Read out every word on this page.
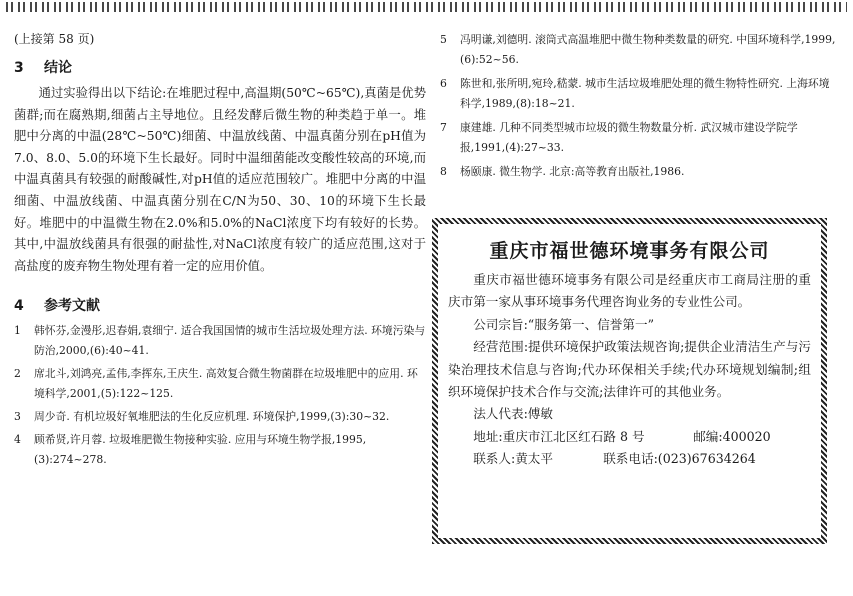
(上接第 58 页)
3 结论

通过实验得出以下结论:在堆肥过程中,高温期(50℃~65℃),真菌是优势菌群;而在腐熟期,细菌占主导地位。且经发酵后微生物的种类趋于单一。堆肥中分离的中温(28℃~50℃)细菌、中温放线菌、中温真菌分别在pH值为7.0、8.0、5.0的环境下生长最好。同时中温细菌能改变酸性较高的环境,而中温真菌具有较强的耐酸碱性,对pH值的适应范围较广。堆肥中分离的中温细菌、中温放线菌、中温真菌分别在C/N为50、30、10的环境下生长最好。堆肥中的中温微生物在2.0%和5.0%的NaCl浓度下均有较好的长势。其中,中温放线菌具有很强的耐盐性,对NaCl浓度有较广的适应范围,这对于高盐度的废弃物生物处理有着一定的应用价值。

4 参考文献
1 韩怀芬,金漫彤,迟春娟,袁细宁. 适合我国国情的城市生活垃圾处理方法. 环境污染与防治,2000,(6):40~41.
2 席北斗,刘鸿亮,孟伟,李挥东,王庆生. 高效复合微生物菌群在垃圾堆肥中的应用. 环境科学,2001,(5):122~125.
3 周少奇. 有机垃圾好氧堆肥法的生化反应机理. 环境保护,1999,(3):30~32.
4 顾希贤,许月蓉. 垃圾堆肥微生物接种实验. 应用与环境生物学报,1995,(3):274~278.
5 冯明谦,刘德明. 滚筒式高温堆肥中微生物种类数量的研究. 中国环境科学,1999,(6):52~56.
6 陈世和,张所明,宛玲,嵇蒙. 城市生活垃圾堆肥处理的微生物特性研究. 上海环境科学,1989,(8):18~21.
7 康建雄. 几种不同类型城市垃圾的微生物数量分析. 武汉城市建设学院学报,1991,(4):27~33.
8 杨颐康. 微生物学. 北京:高等教育出版社,1986.
重庆市福世德环境事务有限公司

重庆市福世德环境事务有限公司是经重庆市工商局注册的重庆市第一家从事环境事务代理咨询业务的专业性公司。

公司宗旨:“服务第一、信誉第一”

经营范围:提供环境保护政策法规咨询;提供企业清洁生产与污染治理技术信息与咨询;代办环保相关手续;代办环境规划编制;组织环境保护技术合作与交流;法律许可的其他业务。

法人代表:傅敏
地址:重庆市江北区红石路 8 号	邮编:400020
联系人:黄太平	联系电话:(023)67634264
